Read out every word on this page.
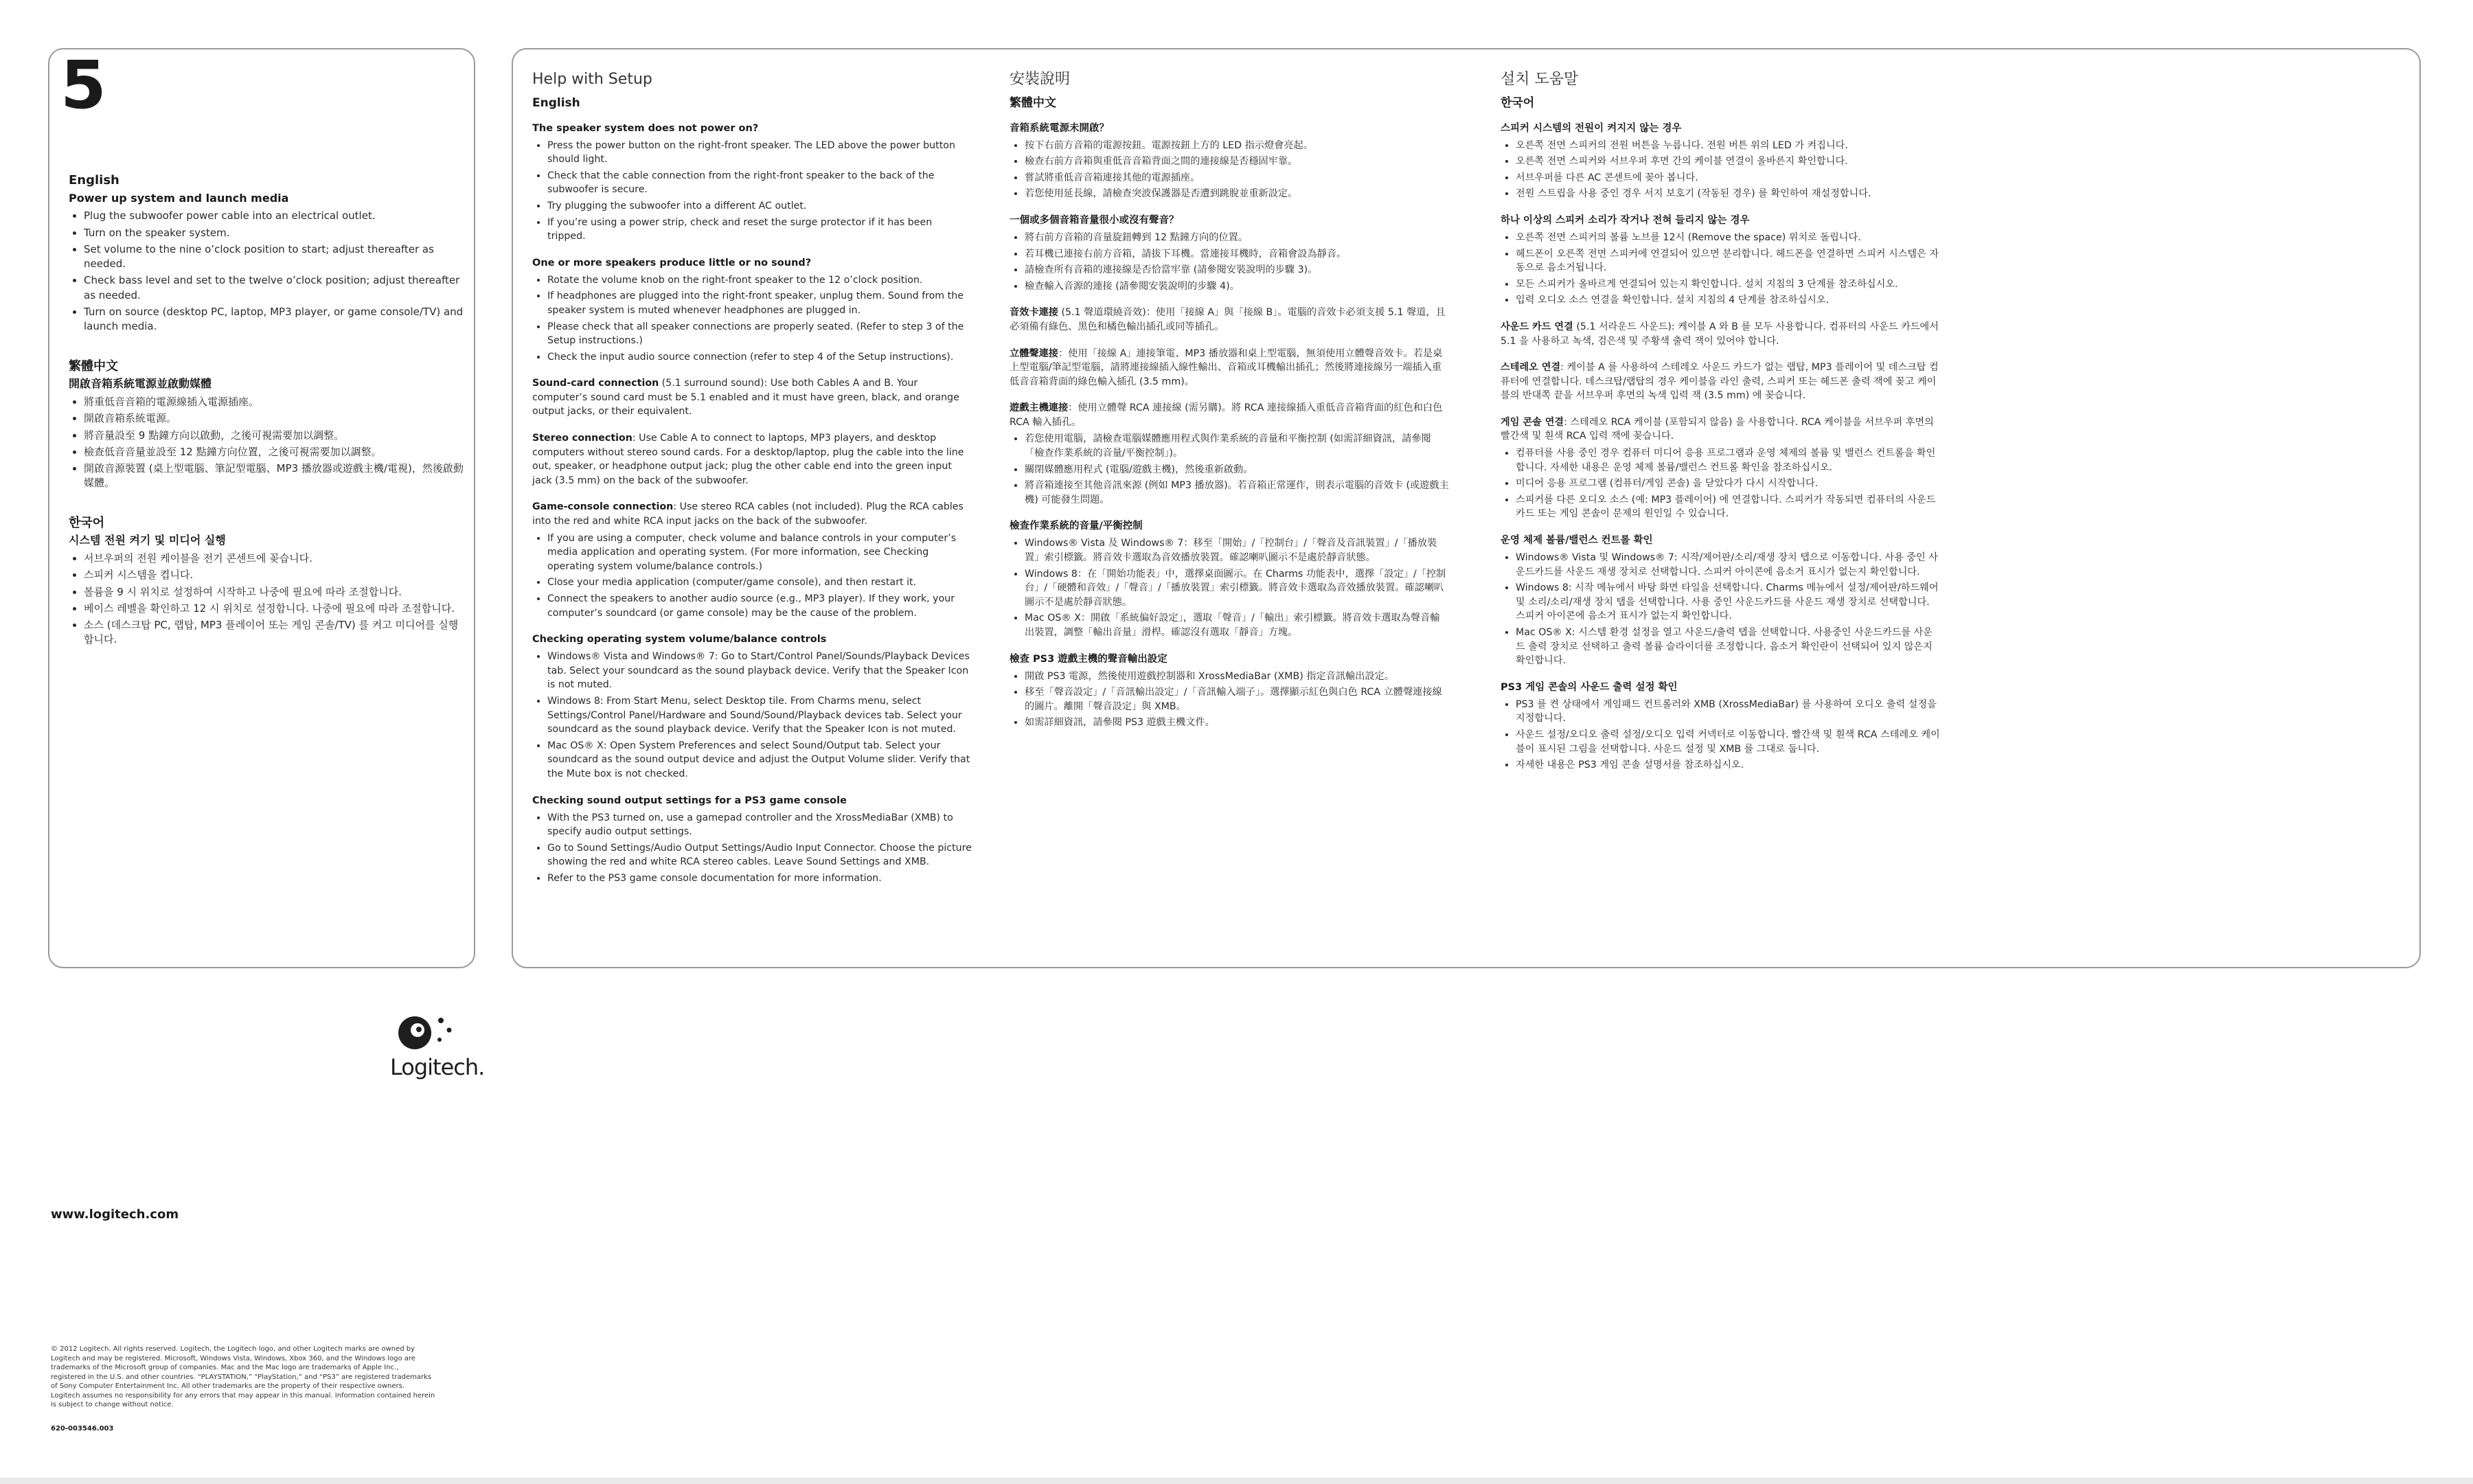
5
English
Power up system and launch media
• Plug the subwoofer power cable into an electrical outlet.
• Turn on the speaker system.
• Set volume to the nine o’clock position to start; adjust thereafter as needed.
• Check bass level and set to the twelve o’clock position; adjust thereafter as needed.
• Turn on source (desktop PC, laptop, MP3 player, or game console/TV) and launch media.
繁體中文
開啟音箱系統電源並啟動媒體
• 將重低音音箱的電源線插入電源插座。
• 開啟音箱系統電源。
• 將音量設至 9 點鐘方向以啟動，之後可視需要加以調整。
• 檢查低音音量並設至 12 點鐘方向位置，之後可視需要加以調整。
• 開啟音源裝置 (桌上型電腦、筆記型電腦、MP3 播放器或遊戲主機/電視)，然後啟動媒體。
한국어
시스템 전원 켜기 및 미디어 실행
• 서브우퍼의 전원 케이블을 전기 콘센트에 꽂습니다.
• 스피커 시스템을 켭니다.
• 볼륨을 9 시 위치로 설정하여 시작하고 나중에 필요에 따라 조절합니다.
• 베이스 레벨을 확인하고 12 시 위치로 설정합니다. 나중에 필요에 따라 조절합니다.
• 소스 (데스크탑 PC, 랩탑, MP3 플레이어 또는 게임 콘솔/TV) 를 켜고 미디어를 실행합니다.
Help with Setup
English
The speaker system does not power on?
• Press the power button on the right-front speaker. The LED above the power button should light.
• Check that the cable connection from the right-front speaker to the back of the subwoofer is secure.
• Try plugging the subwoofer into a different AC outlet.
• If you’re using a power strip, check and reset the surge protector if it has been tripped.
One or more speakers produce little or no sound?
• Rotate the volume knob on the right-front speaker to the 12 o’clock position.
• If headphones are plugged into the right-front speaker, unplug them. Sound from the speaker system is muted whenever headphones are plugged in.
• Please check that all speaker connections are properly seated. (Refer to step 3 of the Setup instructions.)
• Check the input audio source connection (refer to step 4 of the Setup instructions).

Sound-card connection (5.1 surround sound): Use both Cables A and B. Your computer’s sound card must be 5.1 enabled and it must have green, black, and orange output jacks, or their equivalent.

Stereo connection: Use Cable A to connect to laptops, MP3 players, and desktop computers without stereo sound cards. For a desktop/laptop, plug the cable into the line out, speaker, or headphone output jack; plug the other cable end into the green input jack (3.5 mm) on the back of the subwoofer.

Game-console connection: Use stereo RCA cables (not included). Plug the RCA cables into the red and white RCA input jacks on the back of the subwoofer.

• If you are using a computer, check volume and balance controls in your computer’s media application and operating system. (For more information, see Checking operating system volume/balance controls.)
• Close your media application (computer/game console), and then restart it.
• Connect the speakers to another audio source (e.g., MP3 player). If they work, your computer’s soundcard (or game console) may be the cause of the problem.
Checking operating system volume/balance controls
• Windows® Vista and Windows® 7: Go to Start/Control Panel/Sounds/Playback Devices tab. Select your soundcard as the sound playback device. Verify that the Speaker Icon is not muted.
• Windows 8: From Start Menu, select Desktop tile. From Charms menu, select Settings/Control Panel/Hardware and Sound/Sound/Playback devices tab. Select your soundcard as the sound playback device. Verify that the Speaker Icon is not muted.
• Mac OS® X: Open System Preferences and select Sound/Output tab. Select your soundcard as the sound output device and adjust the Output Volume slider. Verify that the Mute box is not checked.
Checking sound output settings for a PS3 game console
• With the PS3 turned on, use a gamepad controller and the XrossMediaBar (XMB) to specify audio output settings.
• Go to Sound Settings/Audio Output Settings/Audio Input Connector. Choose the picture showing the red and white RCA stereo cables. Leave Sound Settings and XMB.
• Refer to the PS3 game console documentation for more information.
安裝說明
繁體中文
音箱系統電源未開啟？
• 按下右前方音箱的電源按鈕。電源按鈕上方的 LED 指示燈會亮起。
• 檢查右前方音箱與重低音音箱背面之間的連接線是否穩固牢靠。
• 嘗試將重低音音箱連接其他的電源插座。
• 若您使用延長線，請檢查突波保護器是否遭到跳脫並重新設定。
一個或多個音箱音量很小或沒有聲音？
• 將右前方音箱的音量旋鈕轉到 12 點鐘方向的位置。
• 若耳機已連接右前方音箱，請拔下耳機。當連接耳機時，音箱會設為靜音。
• 請檢查所有音箱的連接線是否恰當牢靠 (請參閱安裝說明的步驟 3)。
• 檢查輸入音源的連接 (請參閱安裝說明的步驟 4)。

音效卡連接 (5.1 聲道環繞音效)：使用「接線 A」與「接線 B」。電腦的音效卡必須支援 5.1 聲道，且必須備有綠色、黑色和橘色輸出插孔或同等插孔。

立體聲連接：使用「接線 A」連接筆電、MP3 播放器和桌上型電腦，無須使用立體聲音效卡。若是桌上型電腦/筆記型電腦，請將連接線插入線性輸出、音箱或耳機輸出插孔；然後將連接線另一端插入重低音音箱背面的綠色輸入插孔 (3.5 mm)。

遊戲主機連接：使用立體聲 RCA 連接線 (需另購)。將 RCA 連接線插入重低音音箱背面的紅色和白色 RCA 輸入插孔。

• 若您使用電腦，請檢查電腦媒體應用程式與作業系統的音量和平衡控制 (如需詳細資訊，請參閱「檢查作業系統的音量/平衡控制」)。
• 關閉媒體應用程式 (電腦/遊戲主機)，然後重新啟動。
• 將音箱連接至其他音訊來源 (例如 MP3 播放器)。若音箱正常運作，則表示電腦的音效卡 (或遊戲主機) 可能發生問題。
檢查作業系統的音量/平衡控制
• Windows® Vista 及 Windows® 7：移至「開始」/「控制台」/「聲音及音訊裝置」/「播放裝置」索引標籤。將音效卡選取為音效播放裝置。確認喇叭圖示不是處於靜音狀態。
• Windows 8：在「開始功能表」中，選擇桌面圖示。在 Charms 功能表中，選擇「設定」/「控制台」/「硬體和音效」/「聲音」/「播放裝置」索引標籤。將音效卡選取為音效播放裝置。確認喇叭圖示不是處於靜音狀態。
• Mac OS® X：開啟「系統偏好設定」，選取「聲音」/「輸出」索引標籤。將音效卡選取為聲音輸出裝置，調整「輸出音量」滑桿。確認沒有選取「靜音」方塊。
檢查 PS3 遊戲主機的聲音輸出設定
• 開啟 PS3 電源，然後使用遊戲控制器和 XrossMediaBar (XMB) 指定音訊輸出設定。
• 移至「聲音設定」/「音訊輸出設定」/「音訊輸入端子」。選擇顯示紅色與白色 RCA 立體聲連接線的圖片。離開「聲音設定」與 XMB。
• 如需詳細資訊，請參閱 PS3 遊戲主機文件。
설치 도움말
한국어
스피커 시스템의 전원이 켜지지 않는 경우
• 오른쪽 전면 스피커의 전원 버튼을 누릅니다. 전원 버튼 위의 LED 가 켜집니다.
• 오른쪽 전면 스피커와 서브우퍼 후면 간의 케이블 연결이 올바른지 확인합니다.
• 서브우퍼를 다른 AC 콘센트에 꽂아 봅니다.
• 전원 스트립을 사용 중인 경우 서지 보호기 (작동된 경우) 를 확인하여 재설정합니다.
하나 이상의 스피커 소리가 작거나 전혀 들리지 않는 경우
• 오른쪽 전면 스피커의 볼륨 노브를 12시 (Remove the space) 위치로 돌립니다.
• 헤드폰이 오른쪽 전면 스피커에 연결되어 있으면 분리합니다. 헤드폰을 연결하면 스피커 시스템은 자동으로 음소거됩니다.
• 모든 스피커가 올바르게 연결되어 있는지 확인합니다. 설치 지침의 3 단계를 참조하십시오.
• 입력 오디오 소스 연결을 확인합니다. 설치 지침의 4 단계를 참조하십시오.

사운드 카드 연결 (5.1 서라운드 사운드): 케이블 A 와 B 를 모두 사용합니다. 컴퓨터의 사운드 카드에서 5.1 을 사용하고 녹색, 검은색 및 주황색 출력 잭이 있어야 합니다.

스테레오 연결: 케이블 A 를 사용하여 스테레오 사운드 카드가 없는 랩탑, MP3 플레이어 및 데스크탑 컴퓨터에 연결합니다. 데스크탑/랩탑의 경우 케이블을 라인 출력, 스피커 또는 헤드폰 출력 잭에 꽂고 케이블의 반대쪽 끝을 서브우퍼 후면의 녹색 입력 잭 (3.5 mm) 에 꽂습니다.

게임 콘솔 연결: 스테레오 RCA 케이블 (포함되지 않음) 을 사용합니다. RCA 케이블을 서브우퍼 후면의 빨간색 및 흰색 RCA 입력 잭에 꽂습니다.

• 컴퓨터를 사용 중인 경우 컴퓨터 미디어 응용 프로그램과 운영 체제의 볼륨 및 밸런스 컨트롤을 확인합니다. 자세한 내용은 운영 체제 볼륨/밸런스 컨트롤 확인을 참조하십시오.
• 미디어 응용 프로그램 (컴퓨터/게임 콘솔) 을 닫았다가 다시 시작합니다.
• 스피커를 다른 오디오 소스 (예: MP3 플레이어) 에 연결합니다. 스피커가 작동되면 컴퓨터의 사운드카드 또는 게임 콘솔이 문제의 원인일 수 있습니다.
운영 체제 볼륨/밸런스 컨트롤 확인
• Windows® Vista 및 Windows® 7: 시작/제어판/소리/재생 장치 탭으로 이동합니다. 사용 중인 사운드카드를 사운드 재생 장치로 선택합니다. 스피커 아이콘에 음소거 표시가 없는지 확인합니다.
• Windows 8: 시작 메뉴에서 바탕 화면 타일을 선택합니다. Charms 메뉴에서 설정/제어판/하드웨어 및 소리/소리/재생 장치 탭을 선택합니다. 사용 중인 사운드카드를 사운드 재생 장치로 선택합니다. 스피커 아이콘에 음소거 표시가 없는지 확인합니다.
• Mac OS® X: 시스템 환경 설정을 열고 사운드/출력 탭을 선택합니다. 사용중인 사운드카드를 사운드 출력 장치로 선택하고 출력 볼륨 슬라이더를 조정합니다. 음소거 확인란이 선택되어 있지 않은지 확인합니다.
PS3 게임 콘솔의 사운드 출력 설정 확인
• PS3 를 켠 상태에서 게임패드 컨트롤러와 XMB (XrossMediaBar) 를 사용하여 오디오 출력 설정을 지정합니다.
• 사운드 설정/오디오 출력 설정/오디오 입력 커넥터로 이동합니다. 빨간색 및 흰색 RCA 스테레오 케이블이 표시된 그림을 선택합니다. 사운드 설정 및 XMB 를 그대로 둡니다.
• 자세한 내용은 PS3 게임 콘솔 설명서를 참조하십시오.
Logitech.
www.logitech.com
© 2012 Logitech. All rights reserved. Logitech, the Logitech logo, and other Logitech marks are owned by Logitech and may be registered. Microsoft, Windows Vista, Windows, Xbox 360, and the Windows logo are trademarks of the Microsoft group of companies. Mac and the Mac logo are trademarks of Apple Inc., registered in the U.S. and other countries. “PLAYSTATION,” “PlayStation,” and “PS3” are registered trademarks of Sony Computer Entertainment Inc. All other trademarks are the property of their respective owners. Logitech assumes no responsibility for any errors that may appear in this manual. Information contained herein is subject to change without notice.
620-003546.003
